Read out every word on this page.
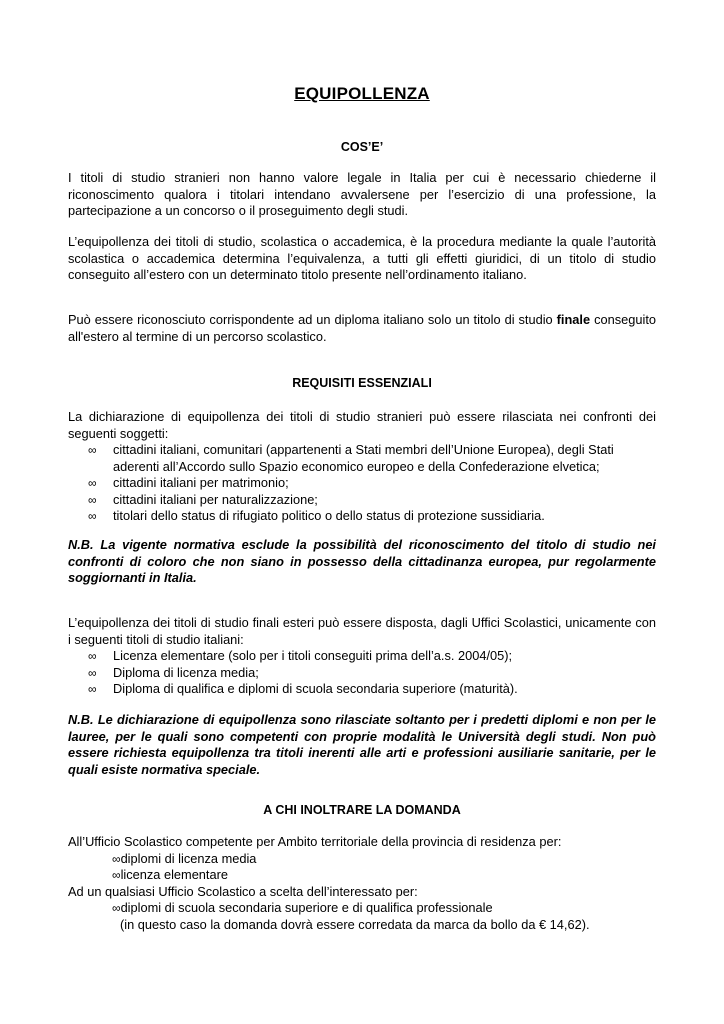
EQUIPOLLENZA
COS’E’
I titoli di studio stranieri non hanno valore legale in Italia per cui è necessario chiederne il riconoscimento qualora i titolari intendano avvalersene per l’esercizio di una professione, la partecipazione a un concorso o il proseguimento degli studi.
L’equipollenza dei titoli di studio, scolastica o accademica, è la procedura mediante la quale l’autorità scolastica o accademica determina l’equivalenza, a tutti gli effetti giuridici, di un titolo di studio conseguito all’estero con un determinato titolo presente nell’ordinamento italiano.
Può essere riconosciuto corrispondente ad un diploma italiano solo un titolo di studio finale conseguito all'estero al termine di un percorso scolastico.
REQUISITI ESSENZIALI
La dichiarazione di equipollenza dei titoli di studio stranieri può essere rilasciata nei confronti dei seguenti soggetti:
∞ cittadini italiani, comunitari (appartenenti a Stati membri dell’Unione Europea), degli Stati aderenti all’Accordo sullo Spazio economico europeo e della Confederazione elvetica;
∞ cittadini italiani per matrimonio;
∞ cittadini italiani per naturalizzazione;
∞ titolari dello status di rifugiato politico o dello status di protezione sussidiaria.
N.B. La vigente normativa esclude la possibilità del riconoscimento del titolo di studio nei confronti di coloro che non siano in possesso della cittadinanza europea, pur regolarmente soggiornanti in Italia.
L’equipollenza dei titoli di studio finali esteri può essere disposta, dagli Uffici Scolastici, unicamente con i seguenti titoli di studio italiani:
∞ Licenza elementare (solo per i titoli conseguiti prima dell’a.s. 2004/05);
∞ Diploma di licenza media;
∞ Diploma di qualifica e diplomi di scuola secondaria superiore (maturità).
N.B. Le dichiarazione di equipollenza sono rilasciate soltanto per i predetti diplomi e non per le lauree, per le quali sono competenti con proprie modalità le Università degli studi. Non può essere richiesta equipollenza tra titoli inerenti alle arti e professioni ausiliarie sanitarie, per le quali esiste normativa speciale.
A CHI INOLTRARE LA DOMANDA
All’Ufficio Scolastico competente per Ambito territoriale della provincia di residenza per:
∞diplomi di licenza media
∞licenza elementare
Ad un qualsiasi Ufficio Scolastico a scelta dell’interessato per:
∞diplomi di scuola secondaria superiore e di qualifica professionale
(in questo caso la domanda dovrà essere corredata da marca da bollo da € 14,62).
